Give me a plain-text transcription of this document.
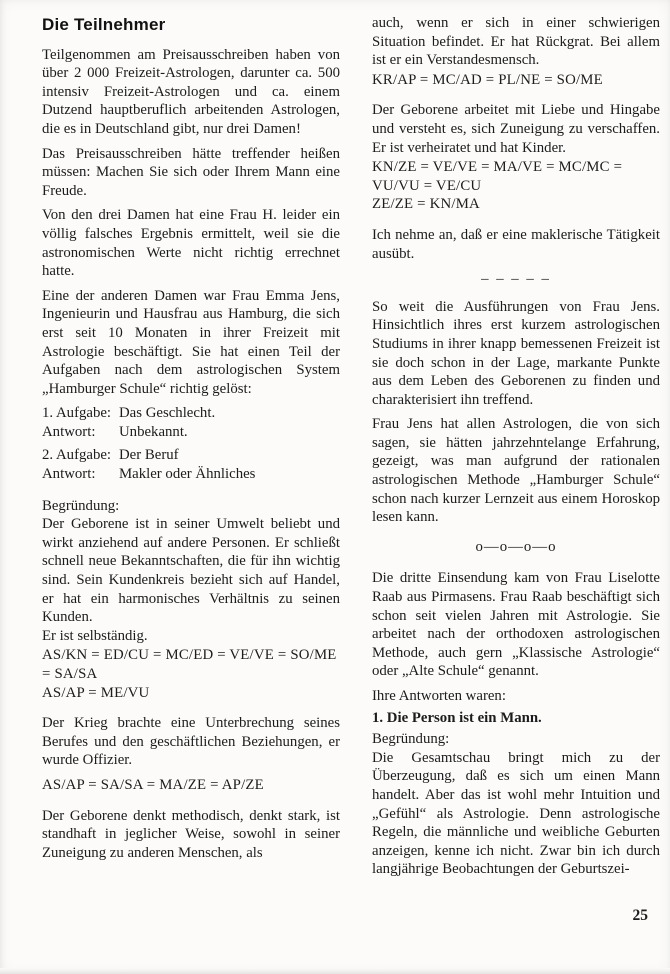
Die Teilnehmer

Teilgenommen am Preisausschreiben haben von über 2 000 Freizeit-Astrologen, darunter ca. 500 intensiv Freizeit-Astrologen und ca. einem Dutzend hauptberuflich arbeitenden Astrologen, die es in Deutschland gibt, nur drei Damen!

Das Preisausschreiben hätte treffender heißen müssen: Machen Sie sich oder Ihrem Mann eine Freude.

Von den drei Damen hat eine Frau H. leider ein völlig falsches Ergebnis ermittelt, weil sie die astronomischen Werte nicht richtig errechnet hatte.

Eine der anderen Damen war Frau Emma Jens, Ingenieurin und Hausfrau aus Hamburg, die sich erst seit 10 Monaten in ihrer Freizeit mit Astrologie beschäftigt. Sie hat einen Teil der Aufgaben nach dem astrologischen System „Hamburger Schule“ richtig gelöst:

1. Aufgabe: Das Geschlecht.
Antwort: Unbekannt.
2. Aufgabe: Der Beruf
Antwort: Makler oder Ähnliches

Begründung:

Der Geborene ist in seiner Umwelt beliebt und wirkt anziehend auf andere Personen. Er schließt schnell neue Bekanntschaften, die für ihn wichtig sind. Sein Kundenkreis bezieht sich auf Handel, er hat ein harmonisches Verhältnis zu seinen Kunden.

Er ist selbständig.

AS/KN = ED/CU = MC/ED = VE/VE = SO/ME = SA/SA
AS/AP = ME/VU

Der Krieg brachte eine Unterbrechung seines Berufes und den geschäftlichen Beziehungen, er wurde Offizier.

AS/AP = SA/SA = MA/ZE = AP/ZE

Der Geborene denkt methodisch, denkt stark, ist standhaft in jeglicher Weise, sowohl in seiner Zuneigung zu anderen Menschen, als

auch, wenn er sich in einer schwierigen Situation befindet. Er hat Rückgrat. Bei allem ist er ein Verstandesmensch.

KR/AP = MC/AD = PL/NE = SO/ME

Der Geborene arbeitet mit Liebe und Hingabe und versteht es, sich Zuneigung zu verschaffen. Er ist verheiratet und hat Kinder.

KN/ZE = VE/VE = MA/VE = MC/MC = VU/VU = VE/CU
ZE/ZE = KN/MA

Ich nehme an, daß er eine maklerische Tätigkeit ausübt.

– – – – –

So weit die Ausführungen von Frau Jens. Hinsichtlich ihres erst kurzem astrologischen Studiums in ihrer knapp bemessenen Freizeit ist sie doch schon in der Lage, markante Punkte aus dem Leben des Geborenen zu finden und charakterisiert ihn treffend.

Frau Jens hat allen Astrologen, die von sich sagen, sie hätten jahrzehntelange Erfahrung, gezeigt, was man aufgrund der rationalen astrologischen Methode „Hamburger Schule“ schon nach kurzer Lernzeit aus einem Horoskop lesen kann.

o—o—o—o

Die dritte Einsendung kam von Frau Liselotte Raab aus Pirmasens. Frau Raab beschäftigt sich schon seit vielen Jahren mit Astrologie. Sie arbeitet nach der orthodoxen astrologischen Methode, auch gern „Klassische Astrologie“ oder „Alte Schule“ genannt.

Ihre Antworten waren:

1. Die Person ist ein Mann.

Begründung:

Die Gesamtschau bringt mich zu der Überzeugung, daß es sich um einen Mann handelt. Aber das ist wohl mehr Intuition und „Gefühl“ als Astrologie. Denn astrologische Regeln, die männliche und weibliche Geburten anzeigen, kenne ich nicht. Zwar bin ich durch langjährige Beobachtungen der Geburtszei-

25
